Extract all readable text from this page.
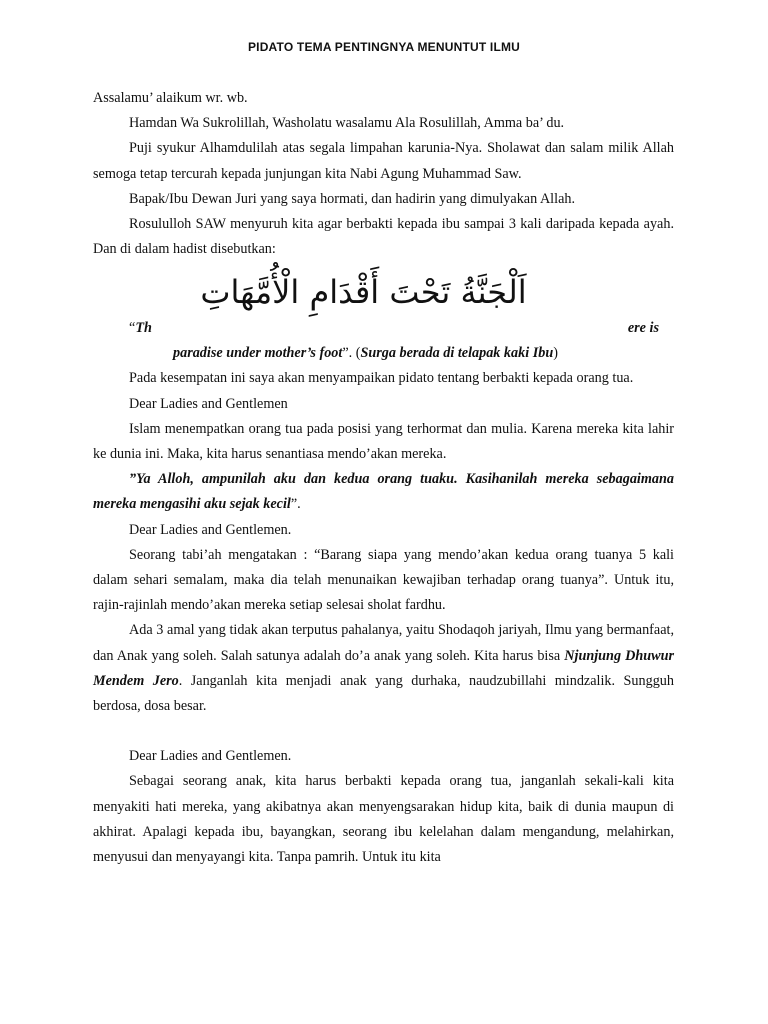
PIDATO TEMA PENTINGNYA MENUNTUT ILMU

Assalamu’ alaikum wr. wb.

Hamdan Wa Sukrolillah, Washolatu wasalamu Ala Rosulillah, Amma ba’ du.

Puji syukur Alhamdulilah atas segala limpahan karunia-Nya. Sholawat dan salam milik Allah semoga tetap tercurah kepada junjungan kita Nabi Agung Muhammad Saw.

Bapak/Ibu Dewan Juri yang saya hormati, dan hadirin yang dimulyakan Allah.

Rosululloh SAW menyuruh kita agar berbakti kepada ibu sampai 3 kali daripada kepada ayah. Dan di dalam hadist disebutkan:

اَلْجَنَّةُ تَحْتَ أَقْدَامِ الْأُمَّهَاتِ
“Th	ere is
paradise under mother’s foot”. (Surga berada di telapak kaki Ibu)

Pada kesempatan ini saya akan menyampaikan pidato tentang berbakti kepada orang tua.

Dear Ladies and Gentlemen

Islam menempatkan orang tua pada posisi yang terhormat dan mulia. Karena mereka kita lahir ke dunia ini. Maka, kita harus senantiasa mendo’akan mereka.

”Ya Alloh, ampunilah aku dan kedua orang tuaku. Kasihanilah mereka sebagaimana mereka mengasihi aku sejak kecil”.

Dear Ladies and Gentlemen.

Seorang tabi’ah mengatakan : “Barang siapa yang mendo’akan kedua orang tuanya 5 kali dalam sehari semalam, maka dia telah menunaikan kewajiban terhadap orang tuanya”. Untuk itu, rajin-rajinlah mendo’akan mereka setiap selesai sholat fardhu.

Ada 3 amal yang tidak akan terputus pahalanya, yaitu Shodaqoh jariyah, Ilmu yang bermanfaat, dan Anak yang soleh. Salah satunya adalah do’a anak yang soleh. Kita harus bisa Njunjung Dhuwur Mendem Jero. Janganlah kita menjadi anak yang durhaka, naudzubillahi mindzalik. Sungguh berdosa, dosa besar.

Dear Ladies and Gentlemen.

Sebagai seorang anak, kita harus berbakti kepada orang tua, janganlah sekali-kali kita menyakiti hati mereka, yang akibatnya akan menyengsarakan hidup kita, baik di dunia maupun di akhirat. Apalagi kepada ibu, bayangkan, seorang ibu kelelahan dalam mengandung, melahirkan, menyusui dan menyayangi kita. Tanpa pamrih. Untuk itu kita
